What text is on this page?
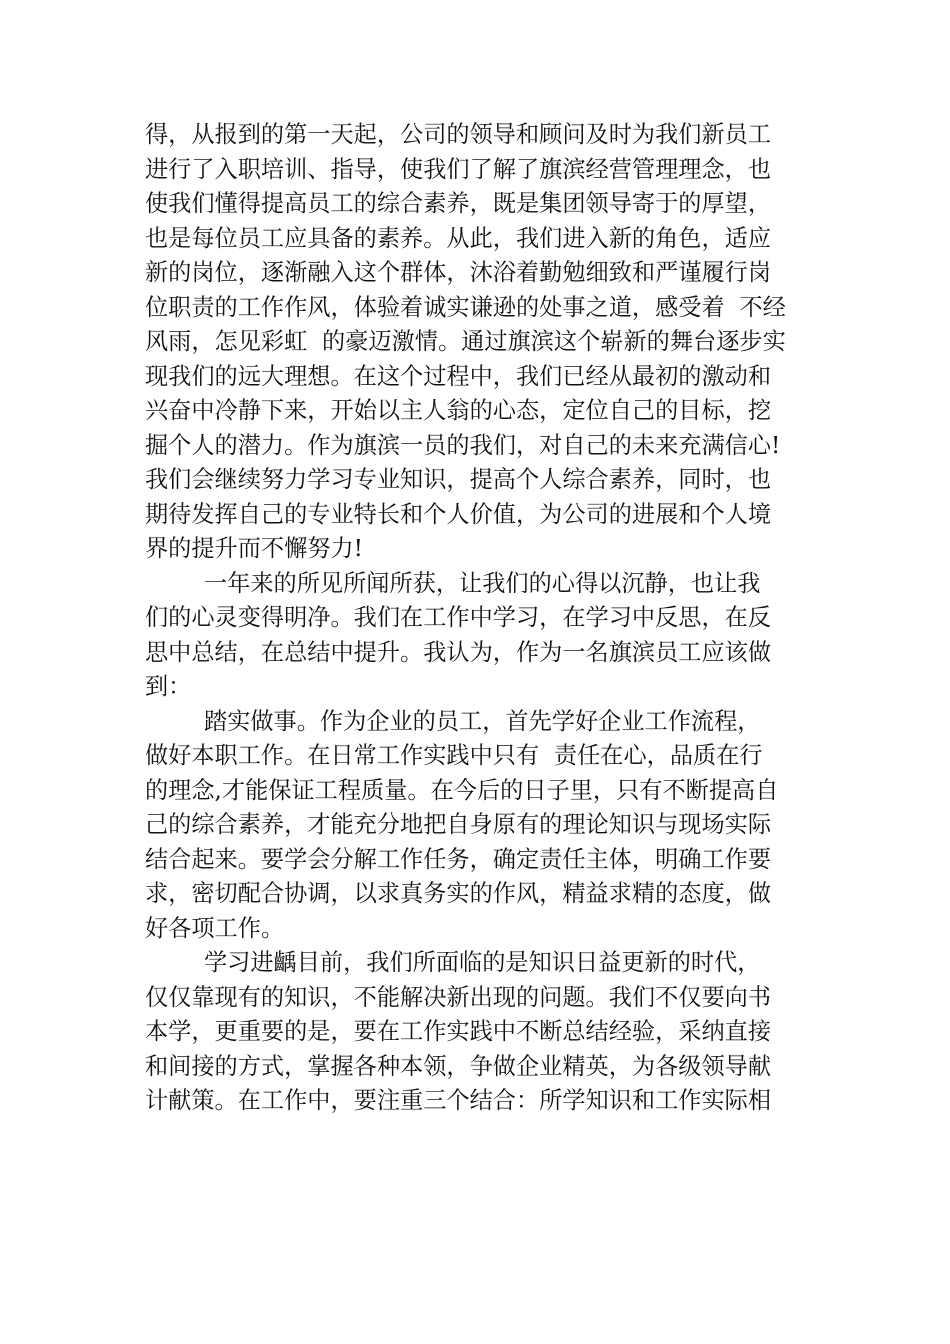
得，从报到的第一天起，公司的领导和顾问及时为我们新员工
进行了入职培训、指导，使我们了解了旗滨经营管理理念，也
使我们懂得提高员工的综合素养，既是集团领导寄于的厚望，
也是每位员工应具备的素养。从此，我们进入新的角色，适应
新的岗位，逐渐融入这个群体，沐浴着勤勉细致和严谨履行岗
位职责的工作作风，体验着诚实谦逊的处事之道，感受着  不经
风雨，怎见彩虹  的豪迈激情。通过旗滨这个崭新的舞台逐步实
现我们的远大理想。在这个过程中，我们已经从最初的激动和
兴奋中冷静下来，开始以主人翁的心态，定位自己的目标，挖
掘个人的潜力。作为旗滨一员的我们，对自己的未来充满信心!
我们会继续努力学习专业知识，提高个人综合素养，同时，也
期待发挥自己的专业特长和个人价值，为公司的进展和个人境
界的提升而不懈努力!
一年来的所见所闻所获，让我们的心得以沉静，也让我
们的心灵变得明净。我们在工作中学习，在学习中反思，在反
思中总结，在总结中提升。我认为，作为一名旗滨员工应该做
到：
踏实做事。作为企业的员工，首先学好企业工作流程，
做好本职工作。在日常工作实践中只有  责任在心，品质在行
的理念,才能保证工程质量。在今后的日子里，只有不断提高自
己的综合素养，才能充分地把自身原有的理论知识与现场实际
结合起来。要学会分解工作任务，确定责任主体，明确工作要
求，密切配合协调，以求真务实的作风，精益求精的态度，做
好各项工作。
学习进齲目前，我们所面临的是知识日益更新的时代，
仅仅靠现有的知识，不能解决新出现的问题。我们不仅要向书
本学，更重要的是，要在工作实践中不断总结经验，采纳直接
和间接的方式，掌握各种本领，争做企业精英，为各级领导献
计献策。在工作中，要注重三个结合：所学知识和工作实际相
